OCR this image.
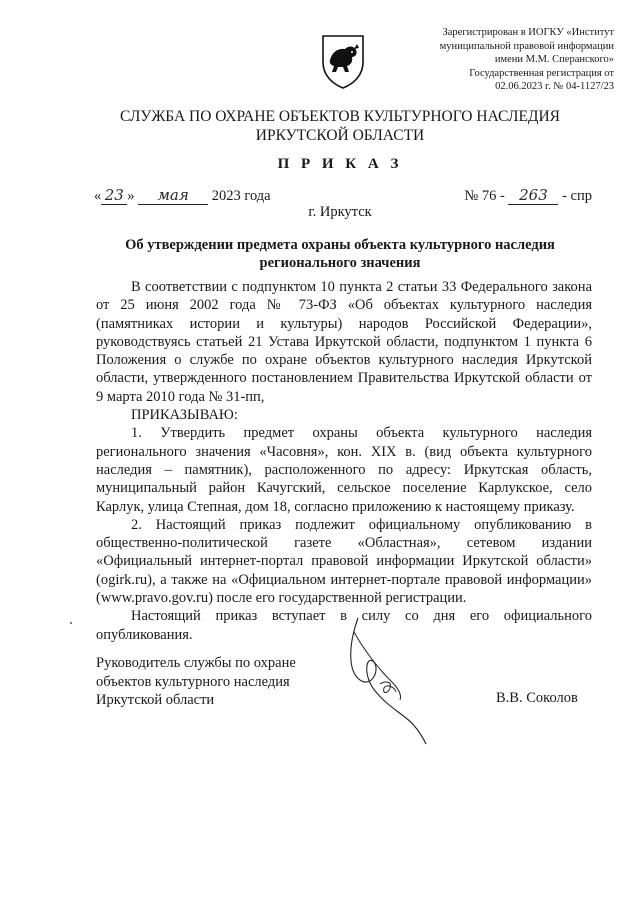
Зарегистрирован в ИОГКУ «Институт
муниципальной правовой информации
имени М.М. Сперанского»
Государственная регистрация от
02.06.2023 г. № 04-1127/23
СЛУЖБА ПО ОХРАНЕ ОБЪЕКТОВ КУЛЬТУРНОГО НАСЛЕДИЯ
ИРКУТСКОЙ ОБЛАСТИ
П Р И К А З
« 23 » мая 2023 года	№ 76 - 263 - спр
г. Иркутск
Об утверждении предмета охраны объекта культурного наследия
регионального значения

В соответствии с подпунктом 10 пункта 2 статьи 33 Федерального закона от 25 июня 2002 года № 73-ФЗ «Об объектах культурного наследия (памятниках истории и культуры) народов Российской Федерации», руководствуясь статьей 21 Устава Иркутской области, подпунктом 1 пункта 6 Положения о службе по охране объектов культурного наследия Иркутской области, утвержденного постановлением Правительства Иркутской области от 9 марта 2010 года № 31-пп,

ПРИКАЗЫВАЮ:

1. Утвердить предмет охраны объекта культурного наследия регионального значения «Часовня», кон. XIX в. (вид объекта культурного наследия – памятник), расположенного по адресу: Иркутская область, муниципальный район Качугский, сельское поселение Карлукское, село Карлук, улица Степная, дом 18, согласно приложению к настоящему приказу.

2. Настоящий приказ подлежит официальному опубликованию в общественно-политической газете «Областная», сетевом издании «Официальный интернет-портал правовой информации Иркутской области» (ogirk.ru), а также на «Официальном интернет-портале правовой информации» (www.pravo.gov.ru) после его государственной регистрации.

Настоящий приказ вступает в силу со дня его официального опубликования.

Руководитель службы по охране
объектов культурного наследия
Иркутской области	В.В. Соколов
